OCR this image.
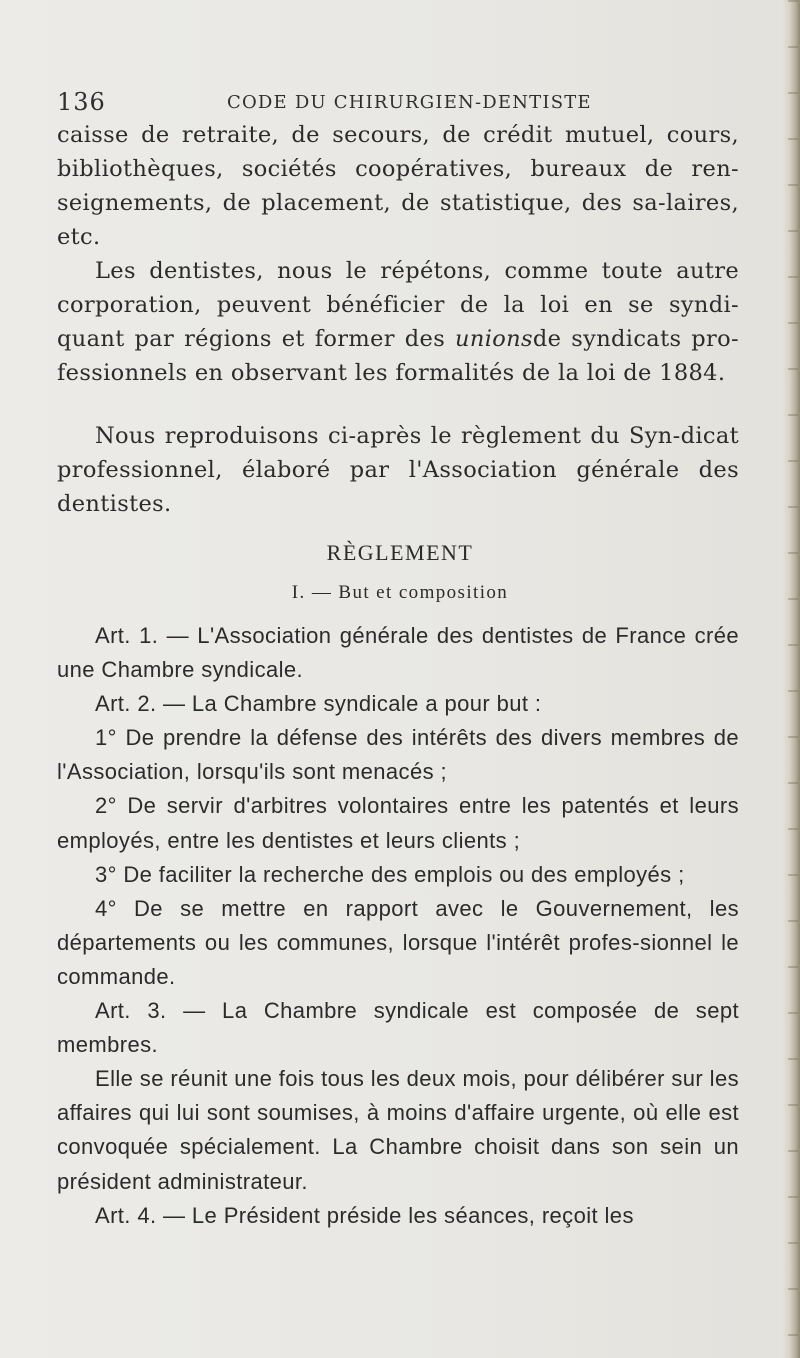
136	CODE DU CHIRURGIEN-DENTISTE

caisse de retraite, de secours, de crédit mutuel, cours, bibliothèques, sociétés coopératives, bureaux de ren-seignements, de placement, de statistique, des sa-laires, etc.

Les dentistes, nous le répétons, comme toute autre corporation, peuvent bénéficier de la loi en se syndi-quant par régions et former des unionsde syndicats pro-fessionnels en observant les formalités de la loi de 1884.

Nous reproduisons ci-après le règlement du Syn-dicat professionnel, élaboré par l'Association générale des dentistes.

RÈGLEMENT
I. — But et composition

Art. 1. — L'Association générale des dentistes de France crée une Chambre syndicale.

Art. 2. — La Chambre syndicale a pour but :

1° De prendre la défense des intérêts des divers membres de l'Association, lorsqu'ils sont menacés ;

2° De servir d'arbitres volontaires entre les patentés et leurs employés, entre les dentistes et leurs clients ;

3° De faciliter la recherche des emplois ou des employés ;

4° De se mettre en rapport avec le Gouvernement, les départements ou les communes, lorsque l'intérêt profes-sionnel le commande.

Art. 3. — La Chambre syndicale est composée de sept membres.

Elle se réunit une fois tous les deux mois, pour délibérer sur les affaires qui lui sont soumises, à moins d'affaire urgente, où elle est convoquée spécialement. La Chambre choisit dans son sein un président administrateur.

Art. 4. — Le Président préside les séances, reçoit les
